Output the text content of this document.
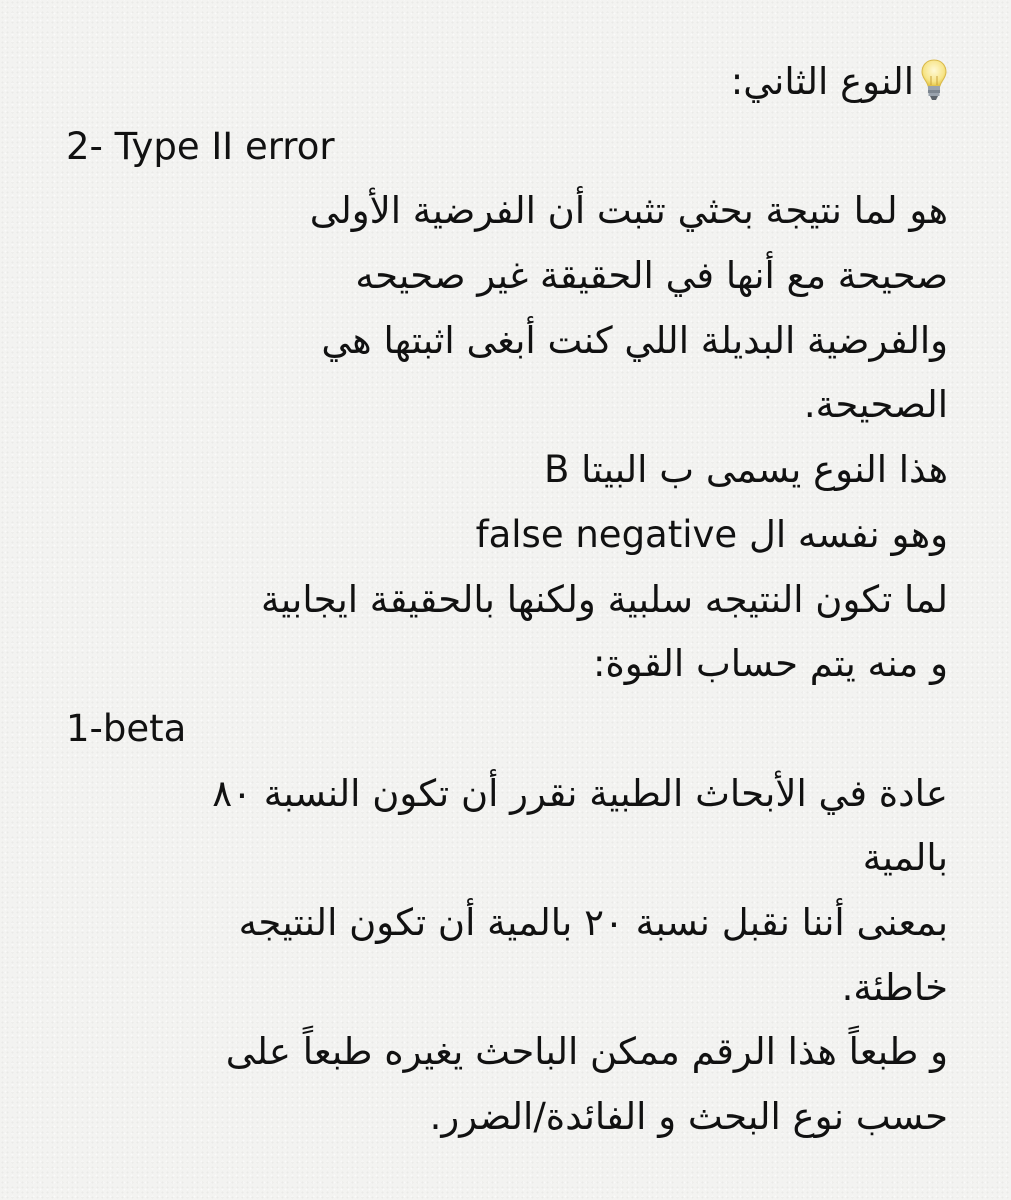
النوع الثاني:
2- Type II error
هو لما نتيجة بحثي تثبت أن الفرضية الأولى
صحيحة مع أنها في الحقيقة غير صحيحه
والفرضية البديلة اللي كنت أبغى اثبتها هي
الصحيحة.
هذا النوع يسمى ب البيتا B
وهو نفسه ال false negative
لما تكون النتيجه سلبية ولكنها بالحقيقة ايجابية
و منه يتم حساب القوة:
1-beta
عادة في الأبحاث الطبية نقرر أن تكون النسبة ٨٠
بالمية
بمعنى أننا نقبل نسبة ٢٠ بالمية أن تكون النتيجه
خاطئة.
و طبعاً هذا الرقم ممكن الباحث يغيره طبعاً على
حسب نوع البحث و الفائدة/الضرر.
